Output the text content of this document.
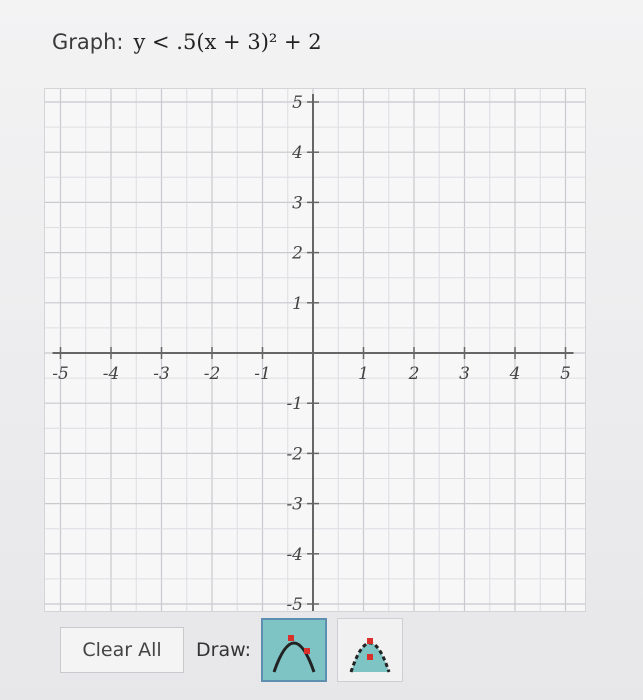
Graph: y < .5(x + 3)² + 2
-5 -4 -3 -2 -1	1 2 3 4 5
5
4
3
2
1
-1
-2
-3
-4
-5
Clear All	Draw:
